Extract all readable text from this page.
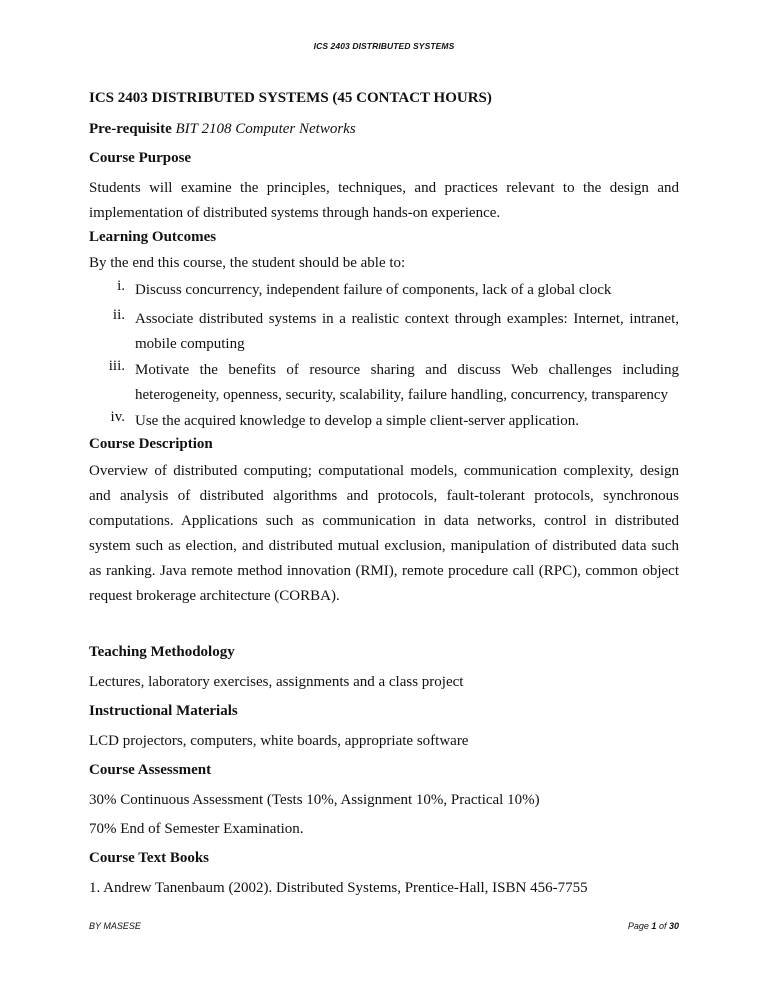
ICS 2403 DISTRIBUTED SYSTEMS
ICS 2403 DISTRIBUTED SYSTEMS (45 CONTACT HOURS)
Pre-requisite BIT 2108 Computer Networks
Course Purpose
Students will examine the principles, techniques, and practices relevant to the design and implementation of distributed systems through hands-on experience.
Learning Outcomes
By the end this course, the student should be able to:
i. Discuss concurrency, independent failure of components, lack of a global clock
ii. Associate distributed systems in a realistic context through examples: Internet, intranet, mobile computing
iii. Motivate the benefits of resource sharing and discuss Web challenges including heterogeneity, openness, security, scalability, failure handling, concurrency, transparency
iv. Use the acquired knowledge to develop a simple client-server application.
Course Description
Overview of distributed computing; computational models, communication complexity, design and analysis of distributed algorithms and protocols, fault-tolerant protocols, synchronous computations. Applications such as communication in data networks, control in distributed system such as election, and distributed mutual exclusion, manipulation of distributed data such as ranking. Java remote method innovation (RMI), remote procedure call (RPC), common object request brokerage architecture (CORBA).
Teaching Methodology
Lectures, laboratory exercises, assignments and a class project
Instructional Materials
LCD projectors, computers, white boards, appropriate software
Course Assessment
30% Continuous Assessment (Tests 10%, Assignment 10%, Practical 10%)
70% End of Semester Examination.
Course Text Books
1. Andrew Tanenbaum (2002). Distributed Systems, Prentice-Hall, ISBN 456-7755
BY MASESE	Page 1 of 30
